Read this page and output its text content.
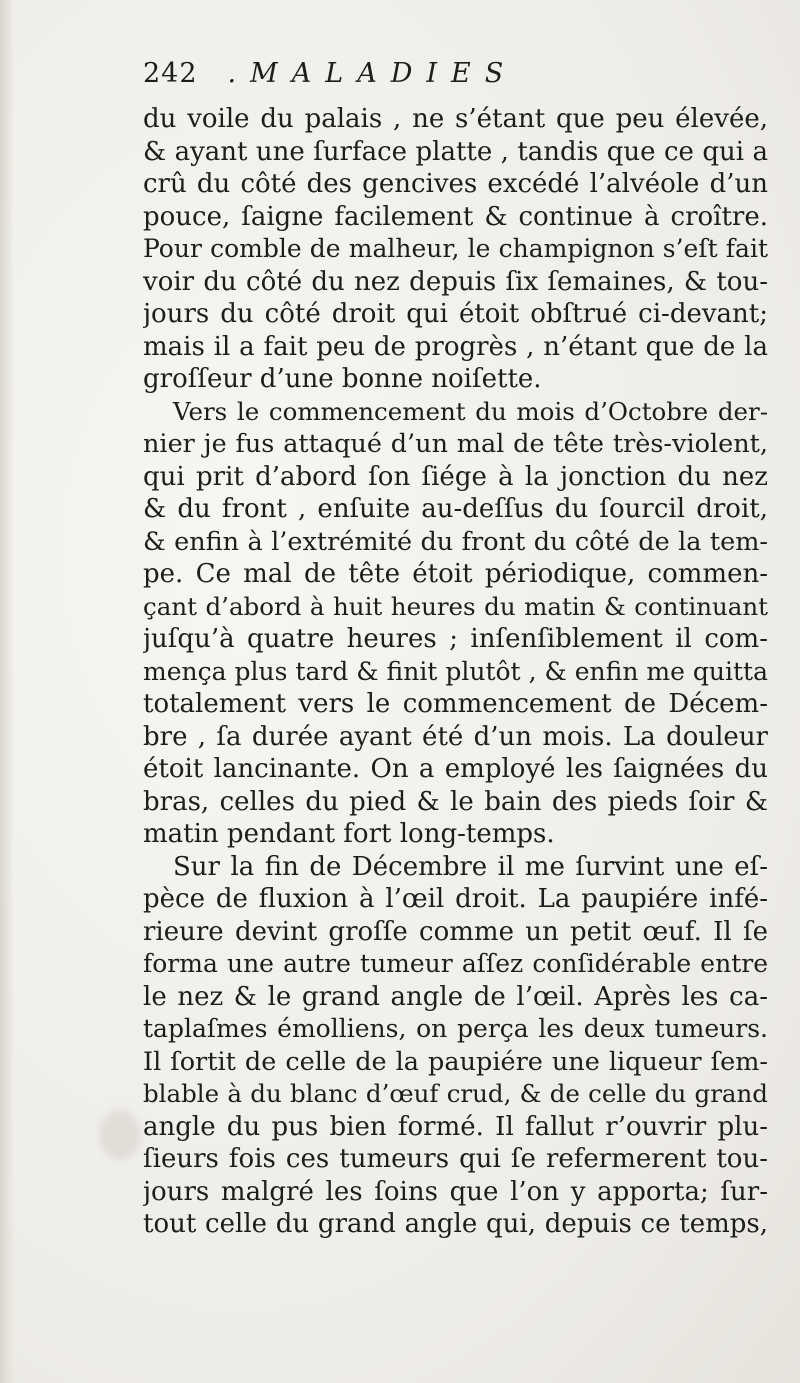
242 .MALADIES
du voile du palais , ne s’étant que peu élevée,
& ayant une ſurface platte , tandis que ce qui a
crû du côté des gencives excédé l’alvéole d’un
pouce, ſaigne facilement & continue à croître.
Pour comble de malheur, le champignon s’eſt fait
voir du côté du nez depuis ſix ſemaines, & tou-
jours du côté droit qui étoit obſtrué ci-devant;
mais il a fait peu de progrès , n’étant que de la
groſſeur d’une bonne noiſette.
Vers le commencement du mois d’Octobre der-
nier je fus attaqué d’un mal de tête très-violent,
qui prit d’abord ſon ſiége à la jonction du nez
& du front , enſuite au-deſſus du ſourcil droit,
& enfin à l’extrémité du front du côté de la tem-
pe. Ce mal de tête étoit périodique, commen-
çant d’abord à huit heures du matin & continuant
juſqu’à quatre heures ; inſenſiblement il com-
mença plus tard & finit plutôt , & enfin me quitta
totalement vers le commencement de Décem-
bre , ſa durée ayant été d’un mois. La douleur
étoit lancinante. On a employé les ſaignées du
bras, celles du pied & le bain des pieds ſoir &
matin pendant fort long-temps.
Sur la fin de Décembre il me ſurvint une eſ-
pèce de fluxion à l’œil droit. La paupiére infé-
rieure devint groſſe comme un petit œuf. Il ſe
forma une autre tumeur aſſez conſidérable entre
le nez & le grand angle de l’œil. Après les ca-
taplaſmes émolliens, on perça les deux tumeurs.
Il ſortit de celle de la paupiére une liqueur ſem-
blable à du blanc d’œuf crud, & de celle du grand
angle du pus bien formé. Il fallut r’ouvrir plu-
ſieurs fois ces tumeurs qui ſe refermerent tou-
jours malgré les ſoins que l’on y apporta; ſur-
tout celle du grand angle qui, depuis ce temps,
